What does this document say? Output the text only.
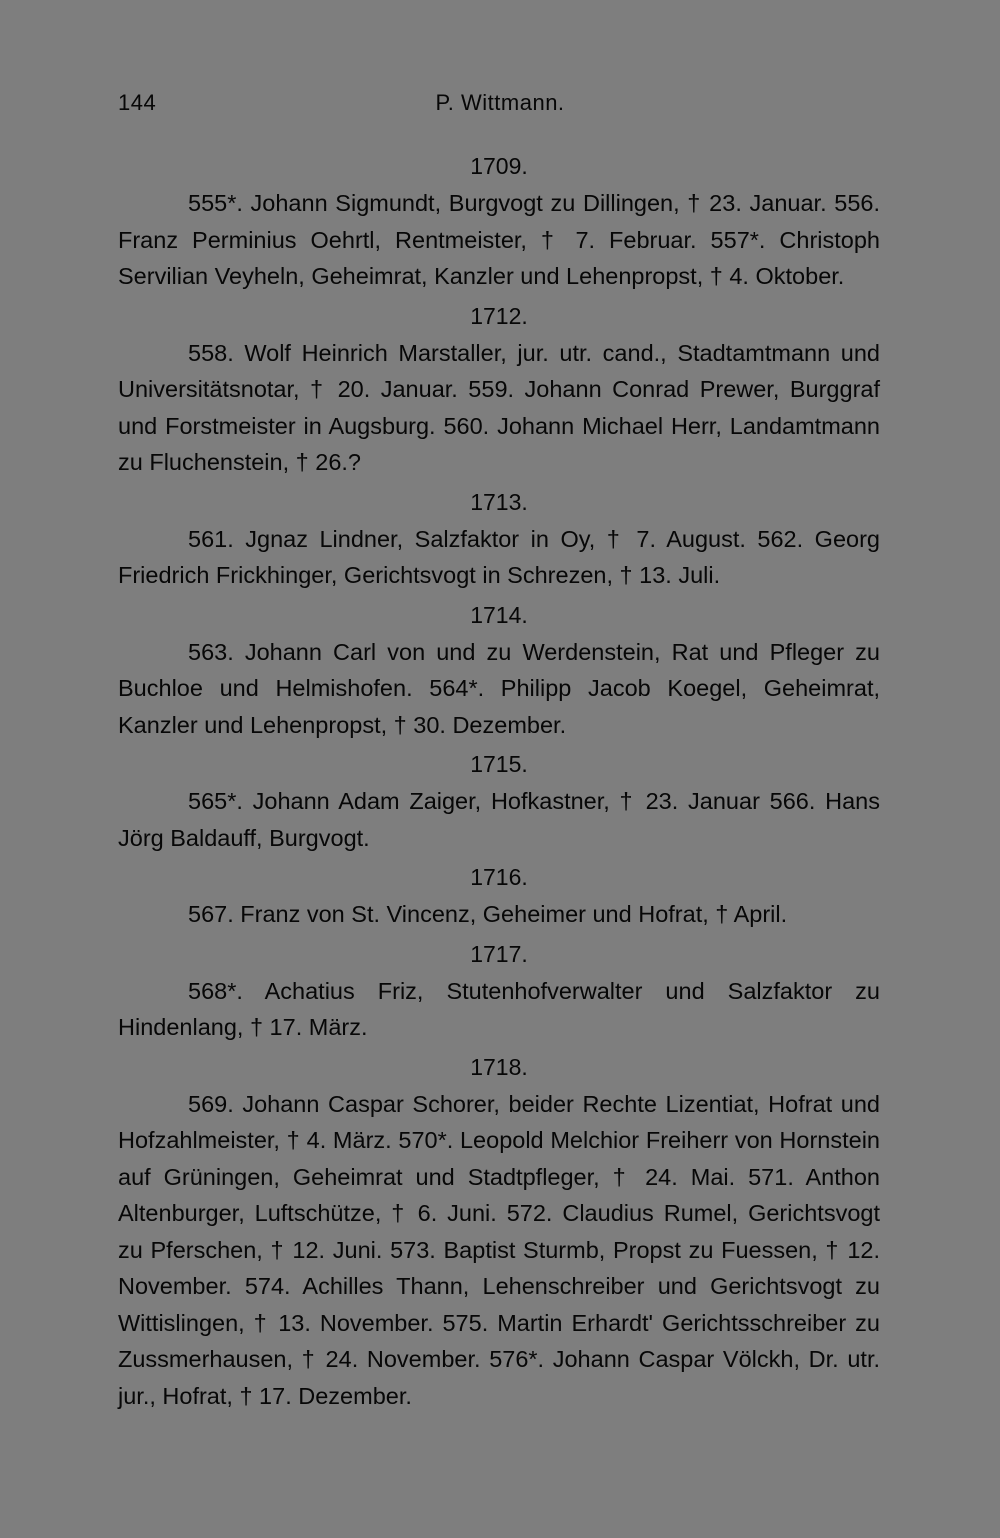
144	P. Wittmann.
1709.

555*. Johann Sigmundt, Burgvogt zu Dillingen, † 23. Januar. 556. Franz Perminius Oehrtl, Rentmeister, † 7. Februar. 557*. Christoph Servilian Veyheln, Geheimrat, Kanzler und Lehenpropst, † 4. Oktober.

1712.

558. Wolf Heinrich Marstaller, jur. utr. cand., Stadtamtmann und Universitätsnotar, † 20. Januar. 559. Johann Conrad Prewer, Burggraf und Forstmeister in Augsburg. 560. Johann Michael Herr, Landamtmann zu Fluchenstein, † 26.?

1713.

561. Jgnaz Lindner, Salzfaktor in Oy, † 7. August. 562. Georg Friedrich Frickhinger, Gerichtsvogt in Schrezen, † 13. Juli.

1714.

563. Johann Carl von und zu Werdenstein, Rat und Pfleger zu Buchloe und Helmishofen. 564*. Philipp Jacob Koegel, Geheimrat, Kanzler und Lehenpropst, † 30. Dezember.

1715.

565*. Johann Adam Zaiger, Hofkastner, † 23. Januar 566. Hans Jörg Baldauff, Burgvogt.

1716.

567. Franz von St. Vincenz, Geheimer und Hofrat, † April.

1717.

568*. Achatius Friz, Stutenhofverwalter und Salzfaktor zu Hindenlang, † 17. März.

1718.

569. Johann Caspar Schorer, beider Rechte Lizentiat, Hofrat und Hofzahlmeister, † 4. März. 570*. Leopold Melchior Freiherr von Hornstein auf Grüningen, Geheimrat und Stadtpfleger, † 24. Mai. 571. Anthon Altenburger, Luftschütze, † 6. Juni. 572. Claudius Rumel, Gerichtsvogt zu Pferschen, † 12. Juni. 573. Baptist Sturmb, Propst zu Fuessen, † 12. November. 574. Achilles Thann, Lehenschreiber und Gerichtsvogt zu Wittislingen, † 13. November. 575. Martin Erhardt' Gerichtsschreiber zu Zussmerhausen, † 24. November. 576*. Johann Caspar Völckh, Dr. utr. jur., Hofrat, † 17. Dezember.
